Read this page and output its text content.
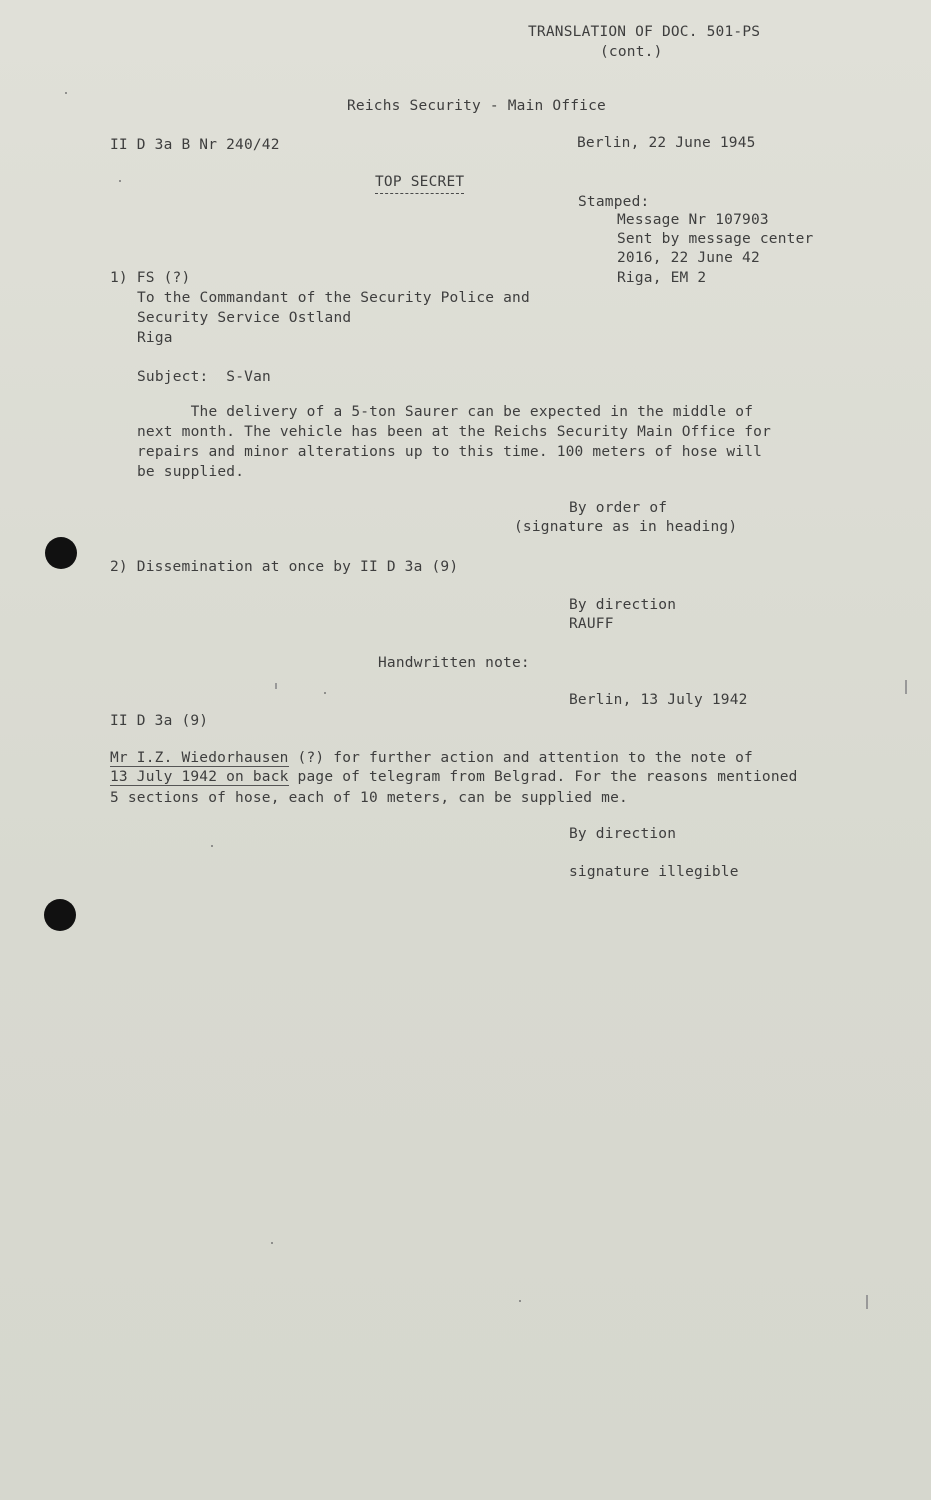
TRANSLATION OF DOC. 501-PS
(cont.)
Reichs Security - Main Office
II D 3a B Nr 240/42	Berlin, 22 June 1945
TOP SECRET
Stamped:
Message Nr 107903
Sent by message center
2016, 22 June 42
Riga, EM 2
1) FS (?)
To the Commandant of the Security Police and
Security Service Ostland
Riga
Subject:  S-Van
The delivery of a 5-ton Saurer can be expected in the middle of
next month. The vehicle has been at the Reichs Security Main Office for
repairs and minor alterations up to this time. 100 meters of hose will
be supplied.
By order of
(signature as in heading)
2) Dissemination at once by II D 3a (9)
By direction
RAUFF
Handwritten note:
Berlin, 13 July 1942
II D 3a (9)
Mr I.Z. Wiedorhausen (?) for further action and attention to the note of
13 July 1942 on back page of telegram from Belgrad. For the reasons mentioned
5 sections of hose, each of 10 meters, can be supplied me.
By direction
signature illegible
